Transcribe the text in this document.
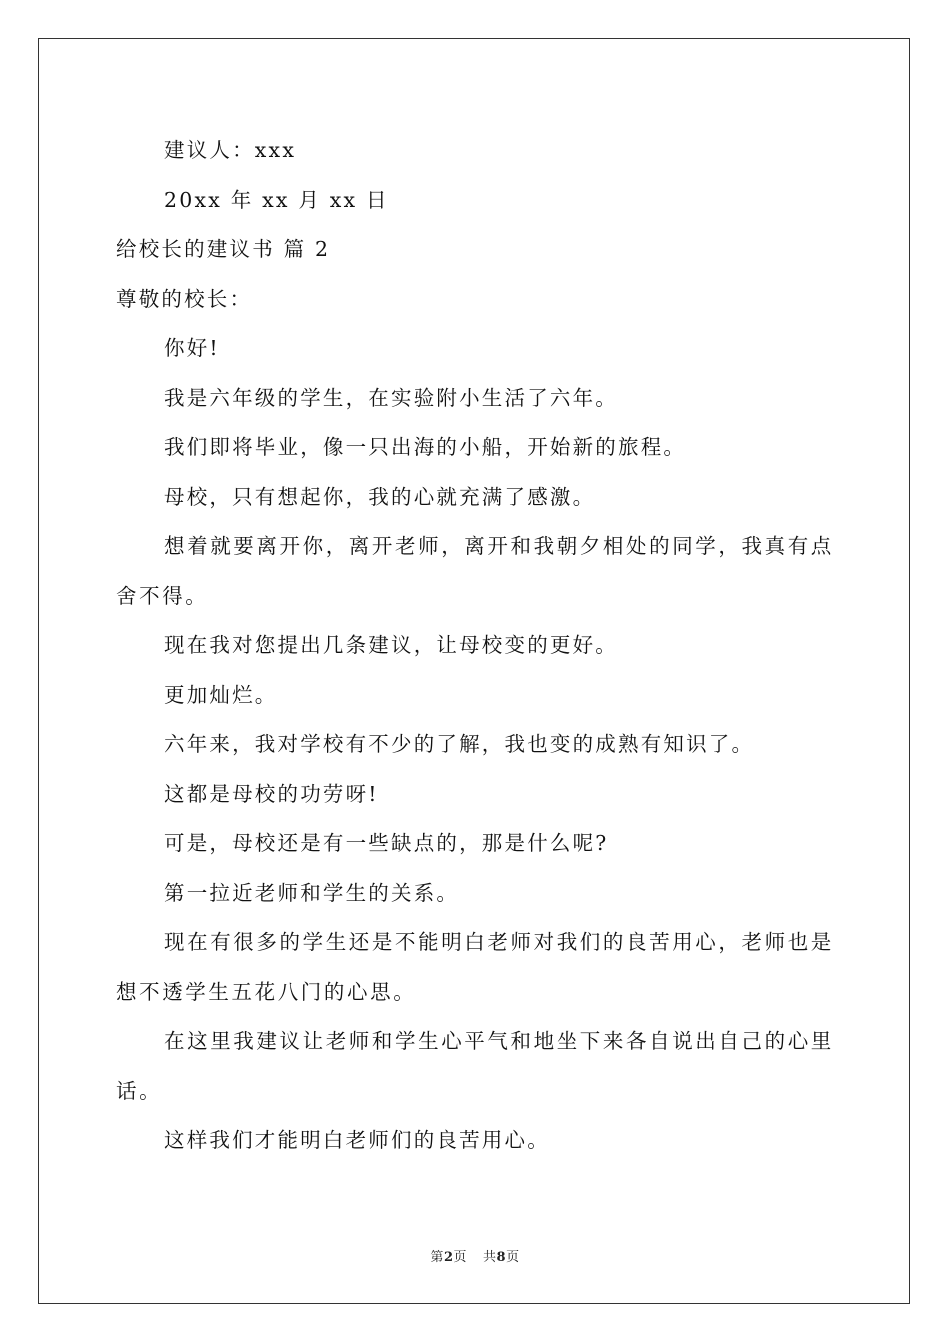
建议人：xxx

20xx 年 xx 月 xx 日

给校长的建议书 篇 2

尊敬的校长：

你好!

我是六年级的学生，在实验附小生活了六年。

我们即将毕业，像一只出海的小船，开始新的旅程。

母校，只有想起你，我的心就充满了感激。

想着就要离开你，离开老师，离开和我朝夕相处的同学，我真有点舍不得。

现在我对您提出几条建议，让母校变的更好。

更加灿烂。

六年来，我对学校有不少的了解，我也变的成熟有知识了。

这都是母校的功劳呀!

可是，母校还是有一些缺点的，那是什么呢?

第一拉近老师和学生的关系。

现在有很多的学生还是不能明白老师对我们的良苦用心，老师也是想不透学生五花八门的心思。

在这里我建议让老师和学生心平气和地坐下来各自说出自己的心里话。

这样我们才能明白老师们的良苦用心。

第2页 共8页
